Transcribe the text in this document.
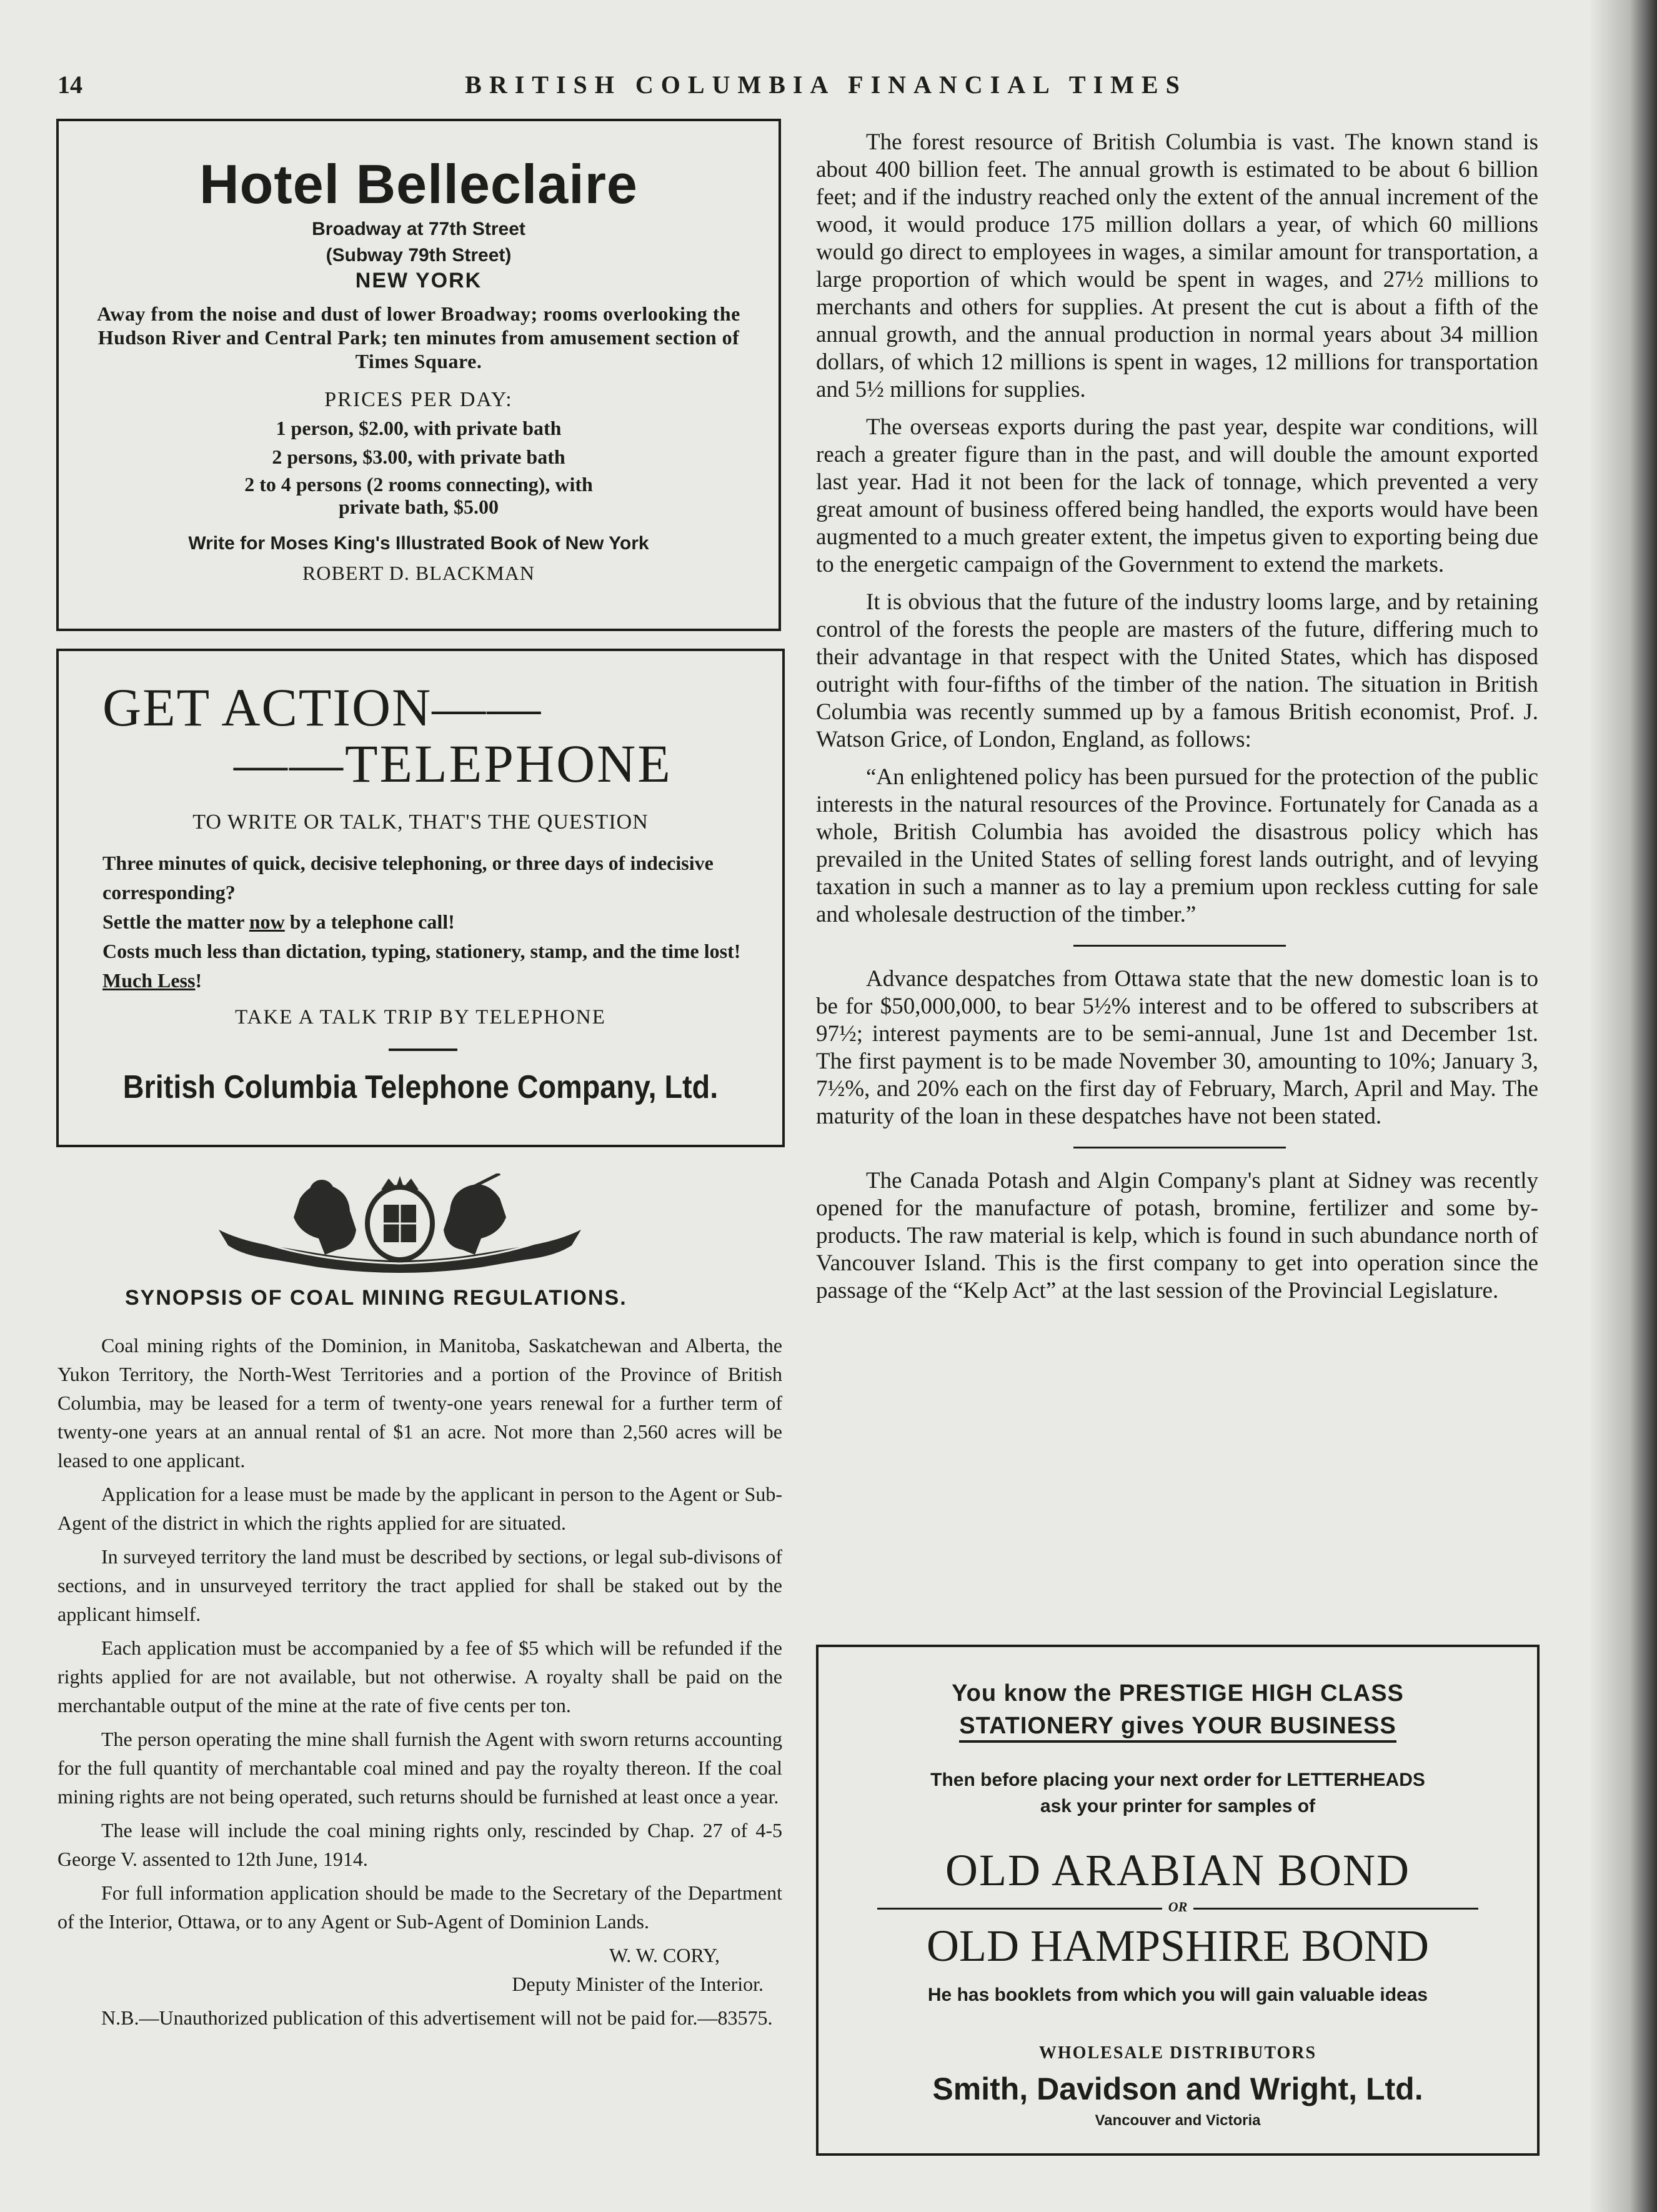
14	BRITISH COLUMBIA FINANCIAL TIMES
Hotel Belleclaire
Broadway at 77th Street
(Subway 79th Street)
NEW YORK
Away from the noise and dust of lower Broadway; rooms overlooking the Hudson River and Central Park; ten minutes from amusement section of Times Square.
PRICES PER DAY:
1 person, $2.00, with private bath
2 persons, $3.00, with private bath
2 to 4 persons (2 rooms connecting), with private bath, $5.00
Write for Moses King's Illustrated Book of New York
ROBERT D. BLACKMAN
GET ACTION——
——TELEPHONE
TO WRITE OR TALK, THAT'S THE QUESTION

Three minutes of quick, decisive telephoning, or three days of indecisive corresponding?

Settle the matter now by a telephone call!

Costs much less than dictation, typing, stationery, stamp, and the time lost! Much Less!

TAKE A TALK TRIP BY TELEPHONE
British Columbia Telephone Company, Ltd.
SYNOPSIS OF COAL MINING REGULATIONS.

Coal mining rights of the Dominion, in Manitoba, Saskatchewan and Alberta, the Yukon Territory, the North-West Territories and a portion of the Province of British Columbia, may be leased for a term of twenty-one years renewal for a further term of twenty-one years at an annual rental of $1 an acre. Not more than 2,560 acres will be leased to one applicant.

Application for a lease must be made by the applicant in person to the Agent or Sub-Agent of the district in which the rights applied for are situated.

In surveyed territory the land must be described by sections, or legal sub-divisons of sections, and in unsurveyed territory the tract applied for shall be staked out by the applicant himself.

Each application must be accompanied by a fee of $5 which will be refunded if the rights applied for are not available, but not otherwise. A royalty shall be paid on the merchantable output of the mine at the rate of five cents per ton.

The person operating the mine shall furnish the Agent with sworn returns accounting for the full quantity of merchantable coal mined and pay the royalty thereon. If the coal mining rights are not being operated, such returns should be furnished at least once a year.

The lease will include the coal mining rights only, rescinded by Chap. 27 of 4-5 George V. assented to 12th June, 1914.

For full information application should be made to the Secretary of the Department of the Interior, Ottawa, or to any Agent or Sub-Agent of Dominion Lands.

W. W. CORY,

Deputy Minister of the Interior.

N.B.—Unauthorized publication of this advertisement will not be paid for.—83575.

The forest resource of British Columbia is vast. The known stand is about 400 billion feet. The annual growth is estimated to be about 6 billion feet; and if the industry reached only the extent of the annual increment of the wood, it would produce 175 million dollars a year, of which 60 millions would go direct to employees in wages, a similar amount for transportation, a large proportion of which would be spent in wages, and 27½ millions to merchants and others for supplies. At present the cut is about a fifth of the annual growth, and the annual production in normal years about 34 million dollars, of which 12 millions is spent in wages, 12 millions for transportation and 5½ millions for supplies.

The overseas exports during the past year, despite war conditions, will reach a greater figure than in the past, and will double the amount exported last year. Had it not been for the lack of tonnage, which prevented a very great amount of business offered being handled, the exports would have been augmented to a much greater extent, the impetus given to exporting being due to the energetic campaign of the Government to extend the markets.

It is obvious that the future of the industry looms large, and by retaining control of the forests the people are masters of the future, differing much to their advantage in that respect with the United States, which has disposed outright with four-fifths of the timber of the nation. The situation in British Columbia was recently summed up by a famous British economist, Prof. J. Watson Grice, of London, England, as follows:

“An enlightened policy has been pursued for the protection of the public interests in the natural resources of the Province. Fortunately for Canada as a whole, British Columbia has avoided the disastrous policy which has prevailed in the United States of selling forest lands outright, and of levying taxation in such a manner as to lay a premium upon reckless cutting for sale and wholesale destruction of the timber.”

Advance despatches from Ottawa state that the new domestic loan is to be for $50,000,000, to bear 5½% interest and to be offered to subscribers at 97½; interest payments are to be semi-annual, June 1st and December 1st. The first payment is to be made November 30, amounting to 10%; January 3, 7½%, and 20% each on the first day of February, March, April and May. The maturity of the loan in these despatches have not been stated.

The Canada Potash and Algin Company's plant at Sidney was recently opened for the manufacture of potash, bromine, fertilizer and some by-products. The raw material is kelp, which is found in such abundance north of Vancouver Island. This is the first company to get into operation since the passage of the “Kelp Act” at the last session of the Provincial Legislature.

You know the PRESTIGE HIGH CLASS
STATIONERY gives YOUR BUSINESS
Then before placing your next order for LETTERHEADS
ask your printer for samples of
OLD ARABIAN BOND
OR
OLD HAMPSHIRE BOND
He has booklets from which you will gain valuable ideas
WHOLESALE DISTRIBUTORS
Smith, Davidson and Wright, Ltd.
Vancouver and Victoria
